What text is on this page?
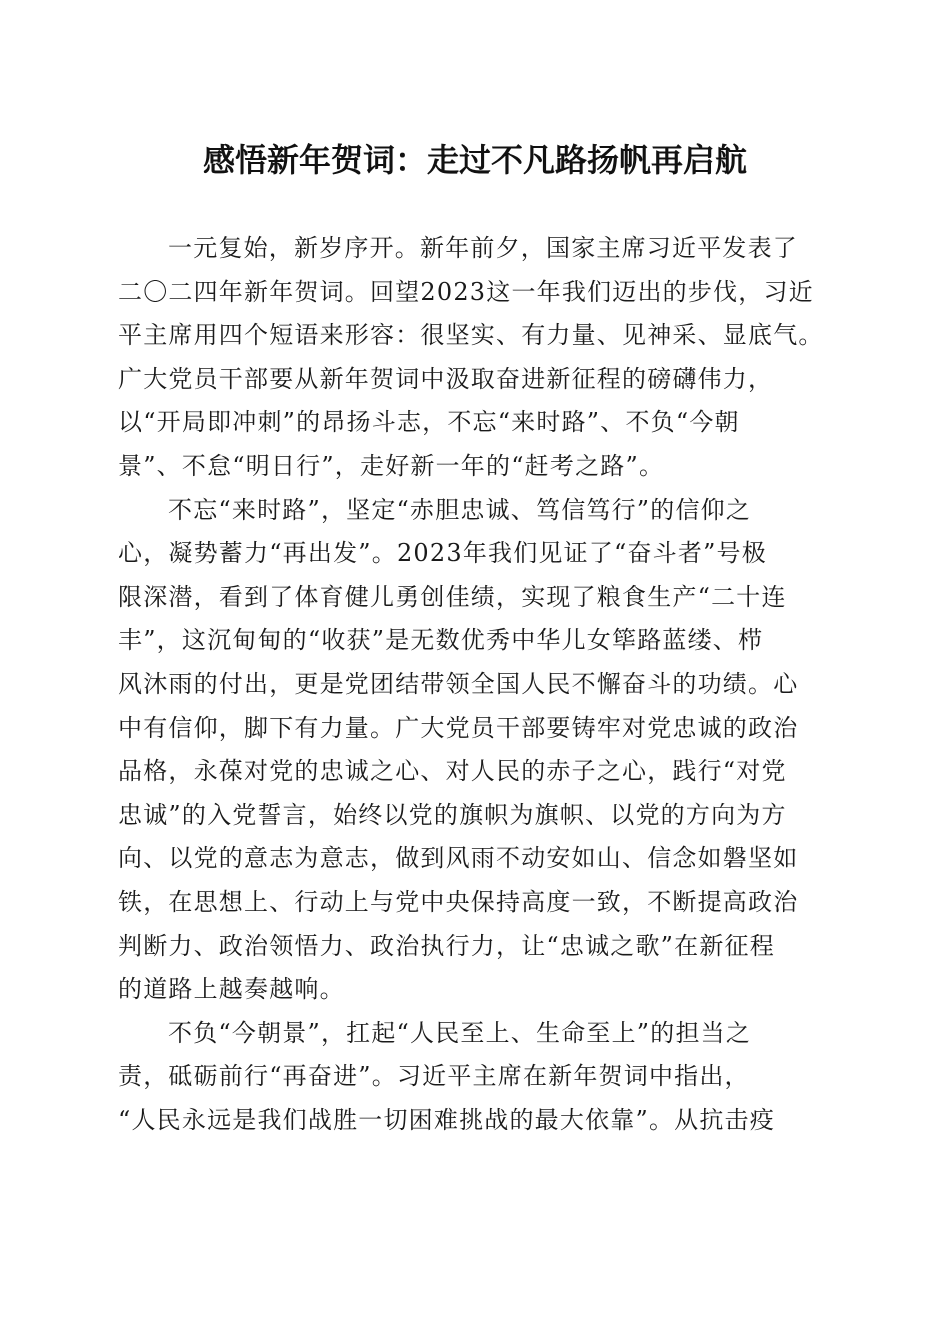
感悟新年贺词：走过不凡路扬帆再启航
一元复始，新岁序开。新年前夕，国家主席习近平发表了
二〇二四年新年贺词。回望2023这一年我们迈出的步伐，习近
平主席用四个短语来形容：很坚实、有力量、见神采、显底气。
广大党员干部要从新年贺词中汲取奋进新征程的磅礴伟力，
以“开局即冲刺”的昂扬斗志，不忘“来时路”、不负“今朝
景”、不怠“明日行”，走好新一年的“赶考之路”。
不忘“来时路”，坚定“赤胆忠诚、笃信笃行”的信仰之
心，凝势蓄力“再出发”。2023年我们见证了“奋斗者”号极
限深潜，看到了体育健儿勇创佳绩，实现了粮食生产“二十连
丰”，这沉甸甸的“收获”是无数优秀中华儿女筚路蓝缕、栉
风沐雨的付出，更是党团结带领全国人民不懈奋斗的功绩。心
中有信仰，脚下有力量。广大党员干部要铸牢对党忠诚的政治
品格，永葆对党的忠诚之心、对人民的赤子之心，践行“对党
忠诚”的入党誓言，始终以党的旗帜为旗帜、以党的方向为方
向、以党的意志为意志，做到风雨不动安如山、信念如磐坚如
铁，在思想上、行动上与党中央保持高度一致，不断提高政治
判断力、政治领悟力、政治执行力，让“忠诚之歌”在新征程
的道路上越奏越响。
不负“今朝景”，扛起“人民至上、生命至上”的担当之
责，砥砺前行“再奋进”。习近平主席在新年贺词中指出，
“人民永远是我们战胜一切困难挑战的最大依靠”。从抗击疫
